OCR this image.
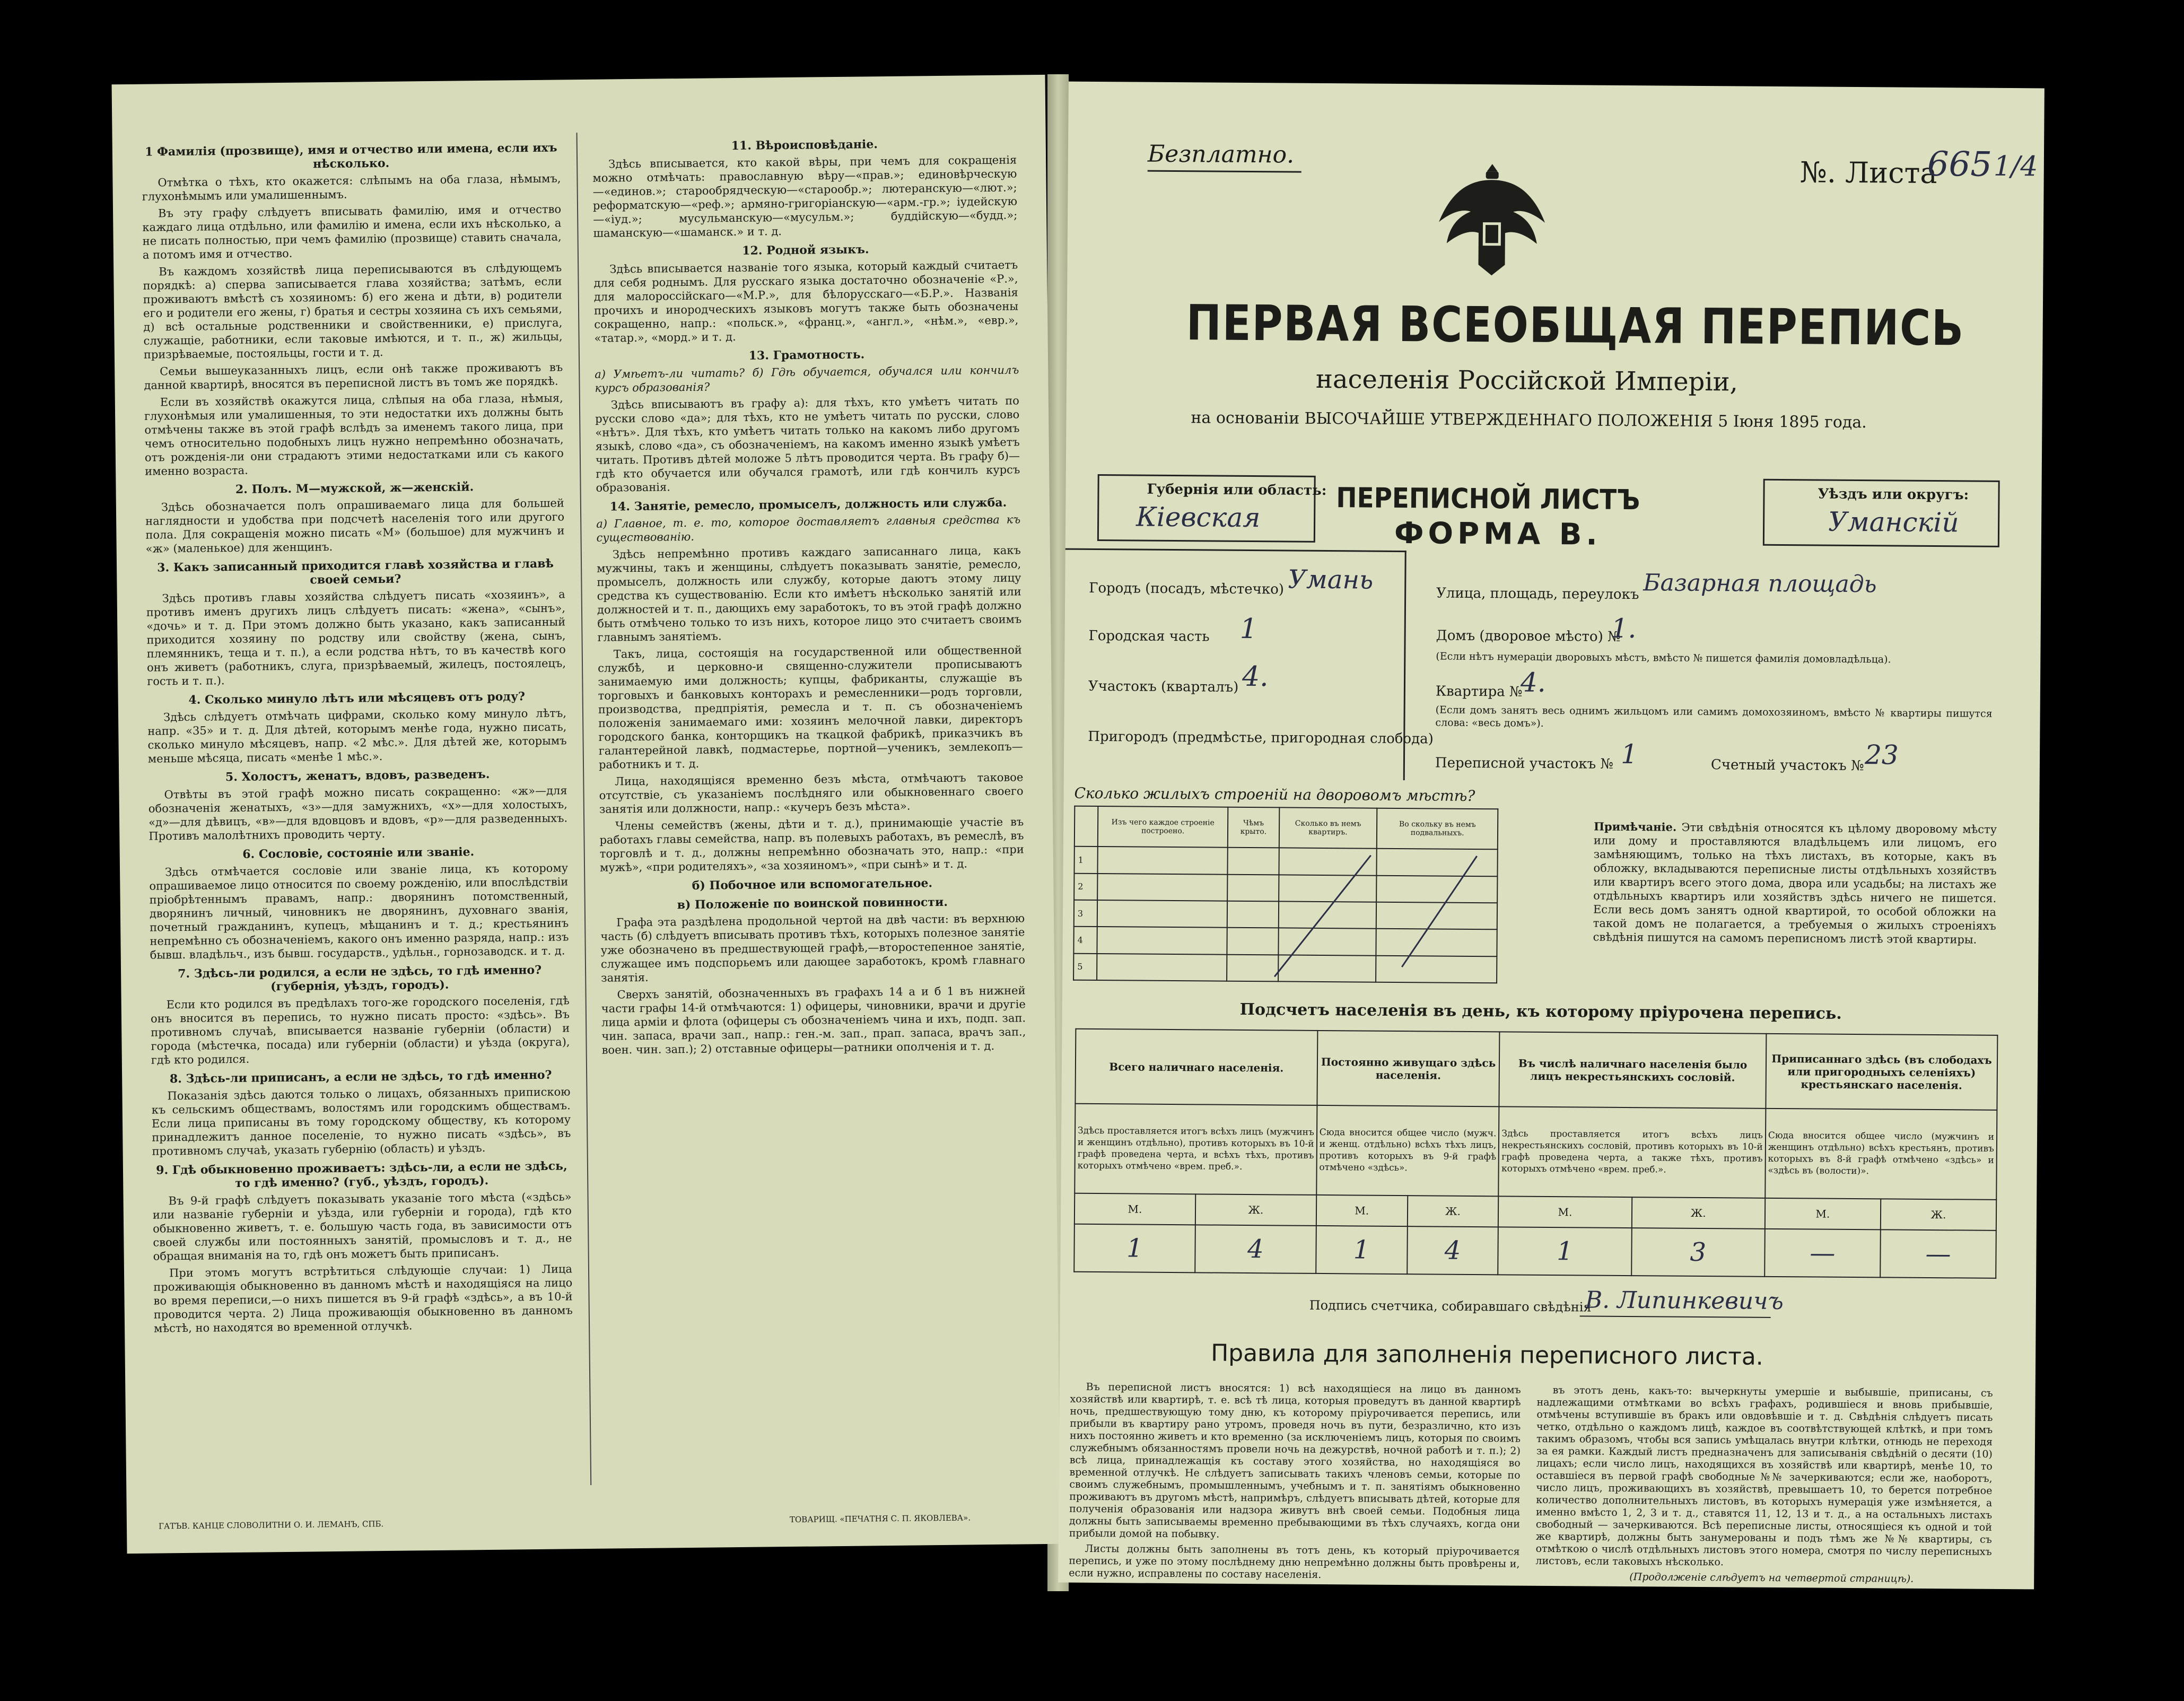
1 Фамилія (прозвище), имя и отчество или имена, если ихъ нѣсколько.

Отмѣтка о тѣхъ, кто окажется: слѣпымъ на оба глаза, нѣмымъ, глухонѣмымъ или умалишеннымъ.

Въ эту графу слѣдуетъ вписывать фамилію, имя и отчество каждаго лица отдѣльно, или фамилію и имена, если ихъ нѣсколько, а не писать полностью, при чемъ фамилію (прозвище) ставить сначала, а потомъ имя и отчество.

Въ каждомъ хозяйствѣ лица переписываются въ слѣдующемъ порядкѣ: а) сперва записывается глава хозяйства; затѣмъ, если проживаютъ вмѣстѣ съ хозяиномъ: б) его жена и дѣти, в) родители его и родители его жены, г) братья и сестры хозяина съ ихъ семьями, д) всѣ остальные родственники и свойственники, е) прислуга, служащіе, работники, если таковые имѣются, и т. п., ж) жильцы, призрѣваемые, постояльцы, гости и т. д.

Семьи вышеуказанныхъ лицъ, если онѣ также проживаютъ въ данной квартирѣ, вносятся въ переписной листъ въ томъ же порядкѣ.

Если въ хозяйствѣ окажутся лица, слѣпыя на оба глаза, нѣмыя, глухонѣмыя или умалишенныя, то эти недостатки ихъ должны быть отмѣчены также въ этой графѣ вслѣдъ за именемъ такого лица, при чемъ относительно подобныхъ лицъ нужно непремѣнно обозначать, отъ рожденія-ли они страдаютъ этими недостатками или съ какого именно возраста.

2. Полъ. М—мужской, ж—женскій.

Здѣсь обозначается полъ опрашиваемаго лица для большей наглядности и удобства при подсчетѣ населенія того или другого пола. Для сокращенія можно писать «М» (большое) для мужчинъ и «ж» (маленькое) для женщинъ.

3. Какъ записанный приходится главѣ хозяйства и главѣ своей семьи?

Здѣсь противъ главы хозяйства слѣдуетъ писать «хозяинъ», а противъ именъ другихъ лицъ слѣдуетъ писать: «жена», «сынъ», «дочь» и т. д. При этомъ должно быть указано, какъ записанный приходится хозяину по родству или свойству (жена, сынъ, племянникъ, теща и т. п.), а если родства нѣтъ, то въ качествѣ кого онъ живетъ (работникъ, слуга, призрѣваемый, жилецъ, постоялецъ, гость и т. п.).

4. Сколько минуло лѣтъ или мѣсяцевъ отъ роду?

Здѣсь слѣдуетъ отмѣчать цифрами, сколько кому минуло лѣтъ, напр. «35» и т. д. Для дѣтей, которымъ менѣе года, нужно писать, сколько минуло мѣсяцевъ, напр. «2 мѣс.». Для дѣтей же, которымъ меньше мѣсяца, писать «менѣе 1 мѣс.».

5. Холостъ, женатъ, вдовъ, разведенъ.

Отвѣты въ этой графѣ можно писать сокращенно: «ж»—для обозначенія женатыхъ, «з»—для замужнихъ, «х»—для холостыхъ, «д»—для дѣвицъ, «в»—для вдовцовъ и вдовъ, «р»—для разведенныхъ. Противъ малолѣтнихъ проводить черту.

6. Сословіе, состояніе или званіе.

Здѣсь отмѣчается сословіе или званіе лица, къ которому опрашиваемое лицо относится по своему рожденію, или впослѣдствіи пріобрѣтеннымъ правамъ, напр.: дворянинъ потомственный, дворянинъ личный, чиновникъ не дворянинъ, духовнаго званія, почетный гражданинъ, купецъ, мѣщанинъ и т. д.; крестьянинъ непремѣнно съ обозначеніемъ, какого онъ именно разряда, напр.: изъ бывш. владѣльч., изъ бывш. государств., удѣльн., горнозаводск. и т. д.

7. Здѣсь-ли родился, а если не здѣсь, то гдѣ именно? (губернія, уѣздъ, городъ).

Если кто родился въ предѣлахъ того-же городского поселенія, гдѣ онъ вносится въ перепись, то нужно писать просто: «здѣсь». Въ противномъ случаѣ, вписывается названіе губерніи (области) и города (мѣстечка, посада) или губерніи (области) и уѣзда (округа), гдѣ кто родился.

8. Здѣсь-ли приписанъ, а если не здѣсь, то гдѣ именно?

Показанія здѣсь даются только о лицахъ, обязанныхъ припискою къ сельскимъ обществамъ, волостямъ или городскимъ обществамъ. Если лица приписаны въ тому городскому обществу, къ которому принадлежитъ данное поселеніе, то нужно писать «здѣсь», въ противномъ случаѣ, указать губернію (область) и уѣздъ.

9. Гдѣ обыкновенно проживаетъ: здѣсь-ли, а если не здѣсь, то гдѣ именно? (губ., уѣздъ, городъ).

Въ 9-й графѣ слѣдуетъ показывать указаніе того мѣста («здѣсь» или названіе губерніи и уѣзда, или губерніи и города), гдѣ кто обыкновенно живетъ, т. е. большую часть года, въ зависимости отъ своей службы или постоянныхъ занятій, промысловъ и т. д., не обращая вниманія на то, гдѣ онъ можетъ быть приписанъ.

При этомъ могутъ встрѣтиться слѣдующіе случаи: 1) Лица проживающія обыкновенно въ данномъ мѣстѣ и находящіяся на лицо во время переписи,—о нихъ пишется въ 9-й графѣ «здѣсь», а въ 10-й проводится черта. 2) Лица проживающія обыкновенно въ данномъ мѣстѣ, но находятся во временной отлучкѣ.

11. Вѣроисповѣданіе.

Здѣсь вписывается, кто какой вѣры, при чемъ для сокращенія можно отмѣчать: православную вѣру—«прав.»; единовѣрческую—«единов.»; старообрядческую—«старообр.»; лютеранскую—«лют.»; реформатскую—«реф.»; армяно-григоріанскую—«арм.-гр.»; іудейскую—«іуд.»; мусульманскую—«мусульм.»; буддійскую—«будд.»; шаманскую—«шаманск.» и т. д.

12. Родной языкъ.

Здѣсь вписывается названіе того языка, который каждый считаетъ для себя роднымъ. Для русскаго языка достаточно обозначеніе «Р.», для малороссійскаго—«М.Р.», для бѣлорусскаго—«Б.Р.». Названія прочихъ и инородческихъ языковъ могутъ также быть обозначены сокращенно, напр.: «польск.», «франц.», «англ.», «нѣм.», «евр.», «татар.», «морд.» и т. д.

13. Грамотность.

а) Умѣетъ-ли читать? б) Гдѣ обучается, обучался или кончилъ курсъ образованія?

Здѣсь вписываютъ въ графу а): для тѣхъ, кто умѣетъ читать по русски слово «да»; для тѣхъ, кто не умѣетъ читать по русски, слово «нѣтъ». Для тѣхъ, кто умѣетъ читать только на какомъ либо другомъ языкѣ, слово «да», съ обозначеніемъ, на какомъ именно языкѣ умѣетъ читать. Противъ дѣтей моложе 5 лѣтъ проводится черта. Въ графу б)—гдѣ кто обучается или обучался грамотѣ, или гдѣ кончилъ курсъ образованія.

14. Занятіе, ремесло, промыселъ, должность или служба.

а) Главное, т. е. то, которое доставляетъ главныя средства къ существованію.

Здѣсь непремѣнно противъ каждаго записаннаго лица, какъ мужчины, такъ и женщины, слѣдуетъ показывать занятіе, ремесло, промыселъ, должность или службу, которые даютъ этому лицу средства къ существованію. Если кто имѣетъ нѣсколько занятій или должностей и т. п., дающихъ ему заработокъ, то въ этой графѣ должно быть отмѣчено только то изъ нихъ, которое лицо это считаетъ своимъ главнымъ занятіемъ.

Такъ, лица, состоящія на государственной или общественной службѣ, и церковно-и священно-служители прописываютъ занимаемую ими должность; купцы, фабриканты, служащіе въ торговыхъ и банковыхъ конторахъ и ремесленники—родъ торговли, производства, предпріятія, ремесла и т. п. съ обозначеніемъ положенія занимаемаго ими: хозяинъ мелочной лавки, директоръ городского банка, конторщикъ на ткацкой фабрикѣ, приказчикъ въ галантерейной лавкѣ, подмастерье, портной—ученикъ, землекопъ—работникъ и т. д.

Лица, находящіяся временно безъ мѣста, отмѣчаютъ таковое отсутствіе, съ указаніемъ послѣдняго или обыкновеннаго своего занятія или должности, напр.: «кучеръ безъ мѣста».

Члены семействъ (жены, дѣти и т. д.), принимающіе участіе въ работахъ главы семейства, напр. въ полевыхъ работахъ, въ ремеслѣ, въ торговлѣ и т. д., должны непремѣнно обозначать это, напр.: «при мужѣ», «при родителяхъ», «за хозяиномъ», «при сынѣ» и т. д.

б) Побочное или вспомогательное.
в) Положеніе по воинской повинности.

Графа эта раздѣлена продольной чертой на двѣ части: въ верхнюю часть (б) слѣдуетъ вписывать противъ тѣхъ, которыхъ полезное занятіе уже обозначено въ предшествующей графѣ,—второстепенное занятіе, служащее имъ подспорьемъ или дающее заработокъ, кромѣ главнаго занятія.

Сверхъ занятій, обозначенныхъ въ графахъ 14 а и б 1 въ нижней части графы 14-й отмѣчаются: 1) офицеры, чиновники, врачи и другіе лица армiи и флота (офицеры съ обозначеніемъ чина и ихъ, подп. зап. чин. запаса, врачи зап., напр.: ген.-м. зап., прап. запаса, врачъ зап., воен. чин. зап.); 2) отставные офицеры—ратники ополченія и т. д.

ГАТЪВ. КАНЦЕ СЛОВОЛИТНИ О. И. ЛЕМАНЪ, СПБ.
ТОВАРИЩ. «ПЕЧАТНЯ С. П. ЯКОВЛЕВА».
Безплатно.
№. Листа
665 1/4
ПЕРВАЯ ВСЕОБЩАЯ ПЕРЕПИСЬ
населенія Россійской Имперіи,
на основаніи ВЫСОЧАЙШЕ УТВЕРЖДЕННАГО ПОЛОЖЕНІЯ 5 Іюня 1895 года.
Губернія или область:
Кіевская
ПЕРЕПИСНОЙ ЛИСТЪ
ФОРМА В.
Уѣздъ или округъ:
Уманскій
Городъ (посадъ, мѣстечко) Умань
Городская часть 1
Участокъ (кварталъ) 4.
Пригородъ (предмѣстье, пригородная слобода)
Улица, площадь, переулокъ Базарная площадь
Домъ (дворовое мѣсто) №
1.
(Если нѣтъ нумераціи дворовыхъ мѣстъ, вмѣсто № пишется фамилія домовладѣльца).
Квартира №
4.
(Если домъ занятъ весь однимъ жильцомъ или самимъ домохозяиномъ, вмѣсто № квартиры пишутся слова: «весь домъ»).
Переписной участокъ № 1	Счетный участокъ № 23
Сколько жилыхъ строеній на дворовомъ мѣстѣ?
	Изъ чего каждое строеніе построено.	Чѣмъ крыто.	Сколько въ немъ квартиръ.	Во скольку въ немъ подвальныхъ.
1				
2				
3				
4				
5				
Примѣчаніе. Эти свѣдѣнія относятся къ цѣлому дворовому мѣсту или дому и проставляются владѣльцемъ или лицомъ, его замѣняющимъ, только на тѣхъ листахъ, въ которые, какъ въ обложку, вкладываются переписные листы отдѣльныхъ хозяйствъ или квартиръ всего этого дома, двора или усадьбы; на листахъ же отдѣльныхъ квартиръ или хозяйствъ здѣсь ничего не пишется. Если весь домъ занятъ одной квартирой, то особой обложки на такой домъ не полагается, а требуемыя о жилыхъ строеніяхъ свѣдѣнія пишутся на самомъ переписномъ листѣ этой квартиры.
Подсчетъ населенія въ день, къ которому пріурочена перепись.
Всего наличнаго населенія.		Постоянно живущаго здѣсь населенія.		Въ числѣ наличнаго населенія было лицъ некрестьянскихъ сословій.		Приписаннаго здѣсь (въ слободахъ или пригородныхъ селеніяхъ) крестьянскаго населенія.	
Здѣсь проставляется итогъ всѣхъ лицъ (мужчинъ и женщинъ отдѣльно), противъ которыхъ въ 10-й графѣ проведена черта, и всѣхъ тѣхъ, противъ которыхъ отмѣчено «врем. преб.».		Сюда вносится общее число (мужч. и женщ. отдѣльно) всѣхъ тѣхъ лицъ, противъ которыхъ въ 9-й графѣ отмѣчено «здѣсь».		Здѣсь проставляется итогъ всѣхъ лицъ некрестьянскихъ сословій, противъ которыхъ въ 10-й графѣ проведена черта, а также тѣхъ, противъ которыхъ отмѣчено «врем. преб.».		Сюда вносится общее число (мужчинъ и женщинъ отдѣльно) всѣхъ крестьянъ, противъ которыхъ въ 8-й графѣ отмѣчено «здѣсь» и «здѣсь въ (волости)».	
М.	Ж.	М.	Ж.	М.	Ж.	М.	Ж.
1	4	1	4	1	3	—	—
Подпись счетчика, собиравшаго свѣдѣнія
В. Липинкевичъ
Правила для заполненія переписного листа.

Въ переписной листъ вносятся: 1) всѣ находящіеся на лицо въ данномъ хозяйствѣ или квартирѣ, т. е. всѣ тѣ лица, которыя проведутъ въ данной квартирѣ ночь, предшествующую тому дню, къ которому пріурочивается перепись, или прибыли въ квартиру рано утромъ, проведя ночь въ пути, безразлично, кто изъ нихъ постоянно живетъ и кто временно (за исключеніемъ лицъ, которыя по своимъ служебнымъ обязанностямъ провели ночь на дежурствѣ, ночной работѣ и т. п.); 2) всѣ лица, принадлежащія къ составу этого хозяйства, но находящіяся во временной отлучкѣ. Не слѣдуетъ записывать такихъ членовъ семьи, которые по своимъ служебнымъ, промышленнымъ, учебнымъ и т. п. занятіямъ обыкновенно проживаютъ въ другомъ мѣстѣ, напримѣръ, слѣдуетъ вписывать дѣтей, которые для полученія образованія или надзора живутъ внѣ своей семьи. Подобныя лица должны быть записываемы временно пребывающими въ тѣхъ случаяхъ, когда они прибыли домой на побывку.

Листы должны быть заполнены въ тотъ день, къ который пріурочивается перепись, и уже по этому послѣднему дню непремѣнно должны быть провѣрены и, если нужно, исправлены по составу населенія.

въ этотъ день, какъ-то: вычеркнуты умершіе и выбывшіе, приписаны, съ надлежащими отмѣтками во всѣхъ графахъ, родившіеся и вновь прибывшіе, отмѣчены вступившіе въ бракъ или овдовѣвшіе и т. д. Свѣдѣнія слѣдуетъ писать четко, отдѣльно о каждомъ лицѣ, каждое въ соотвѣтствующей клѣткѣ, и при томъ такимъ образомъ, чтобы вся запись умѣщалась внутри клѣтки, отнюдь не переходя за ея рамки. Каждый листъ предназначенъ для записыванія свѣдѣній о десяти (10) лицахъ; если число лицъ, находящихся въ хозяйствѣ или квартирѣ, менѣе 10, то оставшіеся въ первой графѣ свободные №№ зачеркиваются; если же, наоборотъ, число лицъ, проживающихъ въ хозяйствѣ, превышаетъ 10, то берется потребное количество дополнительныхъ листовъ, въ которыхъ нумерація уже измѣняется, а именно вмѣсто 1, 2, 3 и т. д., ставятся 11, 12, 13 и т. д., а на остальныхъ листахъ свободный — зачеркиваются. Всѣ переписные листы, относящіеся къ одной и той же квартирѣ, должны быть занумерованы и подъ тѣмъ же №№ квартиры, съ отмѣткою о числѣ отдѣльныхъ листовъ этого номера, смотря по числу переписныхъ листовъ, если таковыхъ нѣсколько.

(Продолженіе слѣдуетъ на четвертой страницѣ).
